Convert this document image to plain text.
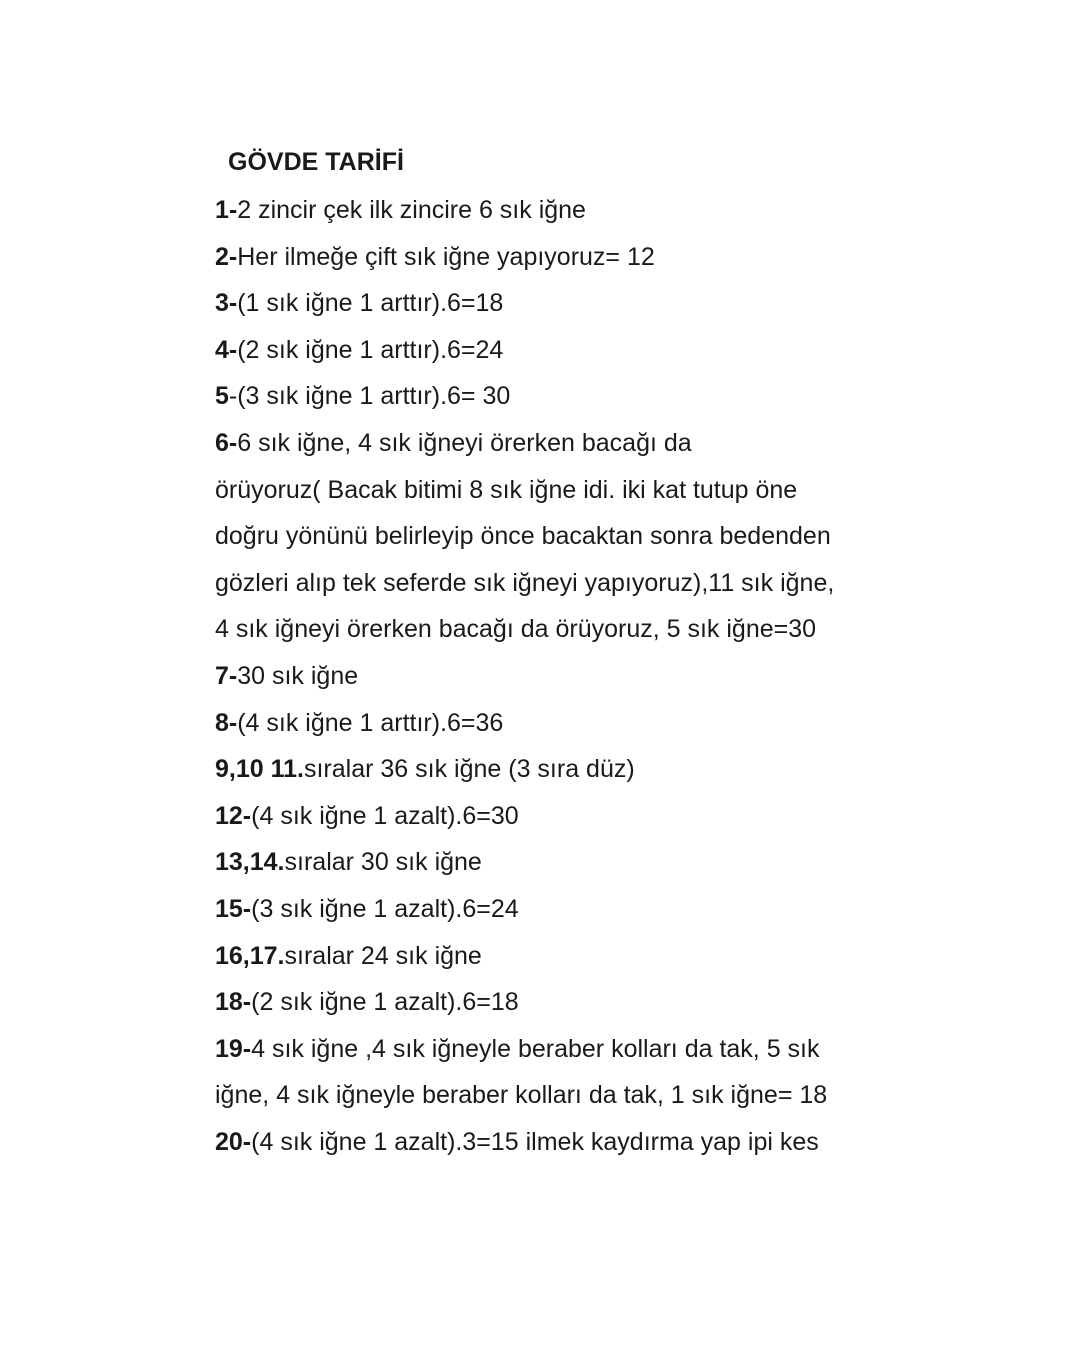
GÖVDE TARİFİ
1-2 zincir çek ilk zincire 6 sık iğne
2-Her ilmeğe çift sık iğne yapıyoruz= 12
3-(1 sık iğne 1 arttır).6=18
4-(2 sık iğne 1 arttır).6=24
5-(3 sık iğne 1 arttır).6= 30
6-6 sık iğne, 4 sık iğneyi örerken bacağı da
örüyoruz( Bacak bitimi 8 sık iğne idi. iki kat tutup öne
doğru yönünü belirleyip önce bacaktan sonra bedenden
gözleri alıp tek seferde sık iğneyi yapıyoruz),11 sık iğne,
4 sık iğneyi örerken bacağı da örüyoruz, 5 sık iğne=30
7-30 sık iğne
8-(4 sık iğne 1 arttır).6=36
9,10 11.sıralar 36 sık iğne (3 sıra düz)
12-(4 sık iğne 1 azalt).6=30
13,14.sıralar 30 sık iğne
15-(3 sık iğne 1 azalt).6=24
16,17.sıralar 24 sık iğne
18-(2 sık iğne 1 azalt).6=18
19-4 sık iğne ,4 sık iğneyle beraber kolları da tak, 5 sık
iğne, 4 sık iğneyle beraber kolları da tak, 1 sık iğne= 18
20-(4 sık iğne 1 azalt).3=15 ilmek kaydırma yap ipi kes
